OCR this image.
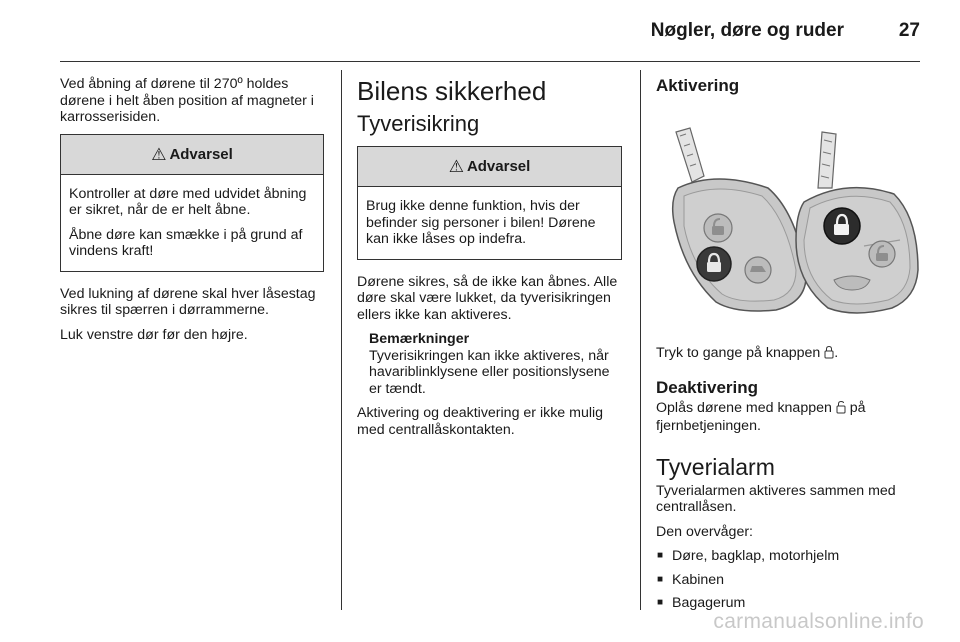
Nøgler, døre og ruder	27

Ved åbning af dørene til 270º holdes dørene i helt åben position af magneter i karrosserisiden.

⚠ Advarsel

Kontroller at døre med udvidet åbning er sikret, når de er helt åbne.

Åbne døre kan smække i på grund af vindens kraft!

Ved lukning af dørene skal hver låsestag sikres til spærren i dørrammerne.

Luk venstre dør før den højre.

Bilens sikkerhed
Tyverisikring
⚠ Advarsel

Brug ikke denne funktion, hvis der befinder sig personer i bilen! Dørene kan ikke låses op indefra.

Dørene sikres, så de ikke kan åbnes. Alle døre skal være lukket, da tyverisikringen ellers ikke kan aktiveres.

Bemærkninger

Tyverisikringen kan ikke aktiveres, når havariblinklysene eller positionslysene er tændt.

Aktivering og deaktivering er ikke mulig med centrallåskontakten.

Aktivering

Tryk to gange på knappen .

Deaktivering

Oplås dørene med knappen på fjernbetjeningen.

Tyverialarm

Tyverialarmen aktiveres sammen med centrallåsen.

Den overvåger:

■ Døre, bagklap, motorhjelm
■ Kabinen
■ Bagagerum
carmanualsonline.info
